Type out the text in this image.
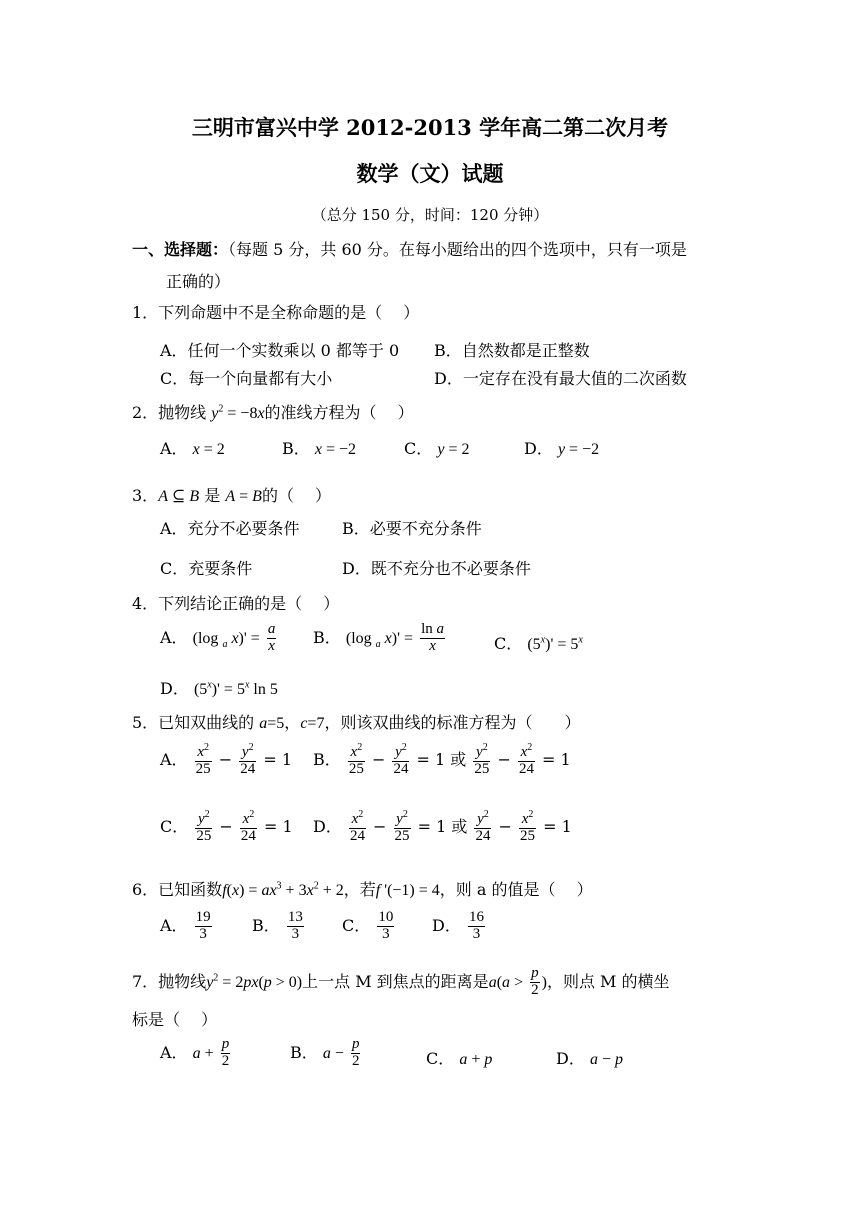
三明市富兴中学 2012-2013 学年高二第二次月考
数学（文）试题
（总分 150 分，时间：120 分钟）
一、选择题：（每题 5 分，共 60 分。在每小题给出的四个选项中，只有一项是
正确的）
1．下列命题中不是全称命题的是（　 ）
A．任何一个实数乘以 0 都等于 0 B．自然数都是正整数
C．每一个向量都有大小	D．一定存在没有最大值的二次函数
2．抛物线 $y^2 = -8x$的准线方程为（　 ）
A． x = 2	B． x = −2	C． y = 2	D． y = −2
3．A ⊆ B 是 A = B的（　 ）
A．充分不必要条件	B．必要不充分条件
C．充要条件	D．既不充分也不必要条件
4．下列结论正确的是（　 ）
A． (log $_a$ $x)' = \frac{a}{x}$ B． (log $_a$ $x)' = \frac{\text{ln a}}{x}$	C． $(5^x)' = 5^x$
D． $(5^x)' = 5^x$ ln 5
5．已知双曲线的 a=5，c=7，则该双曲线的标准方程为（　　）
A． $\frac{x^2}{25} - \frac{y^2}{24} = 1$ B． $\frac{x^2}{25} - \frac{y^2}{24} = 1$ 或 $\frac{y^2}{25} - \frac{x^2}{24} = 1$
C． $\frac{y^2}{25} - \frac{x^2}{24} = 1$ D． $\frac{x^2}{24} - \frac{y^2}{25} = 1$ 或 $\frac{y^2}{24} - \frac{x^2}{25} = 1$
6．已知函数$f(x) = ax^3 + 3x^2 + 2$，若f '(−1) = 4，则 a 的值是（　 ）
A． $\frac{19}{3}$	B． $\frac{13}{3}$ C． $\frac{10}{3}$ D． $\frac{16}{3}$
7．抛物线$y^2 = 2px(p > 0)$上一点 M 到焦点的距离是$a(a > \frac{p}{2}$ )，则点 M 的横坐
标是（　 ）
A． $a + \frac{p}{2}$	B． $a - \frac{p}{2}$	C． a + p	D． a − p
